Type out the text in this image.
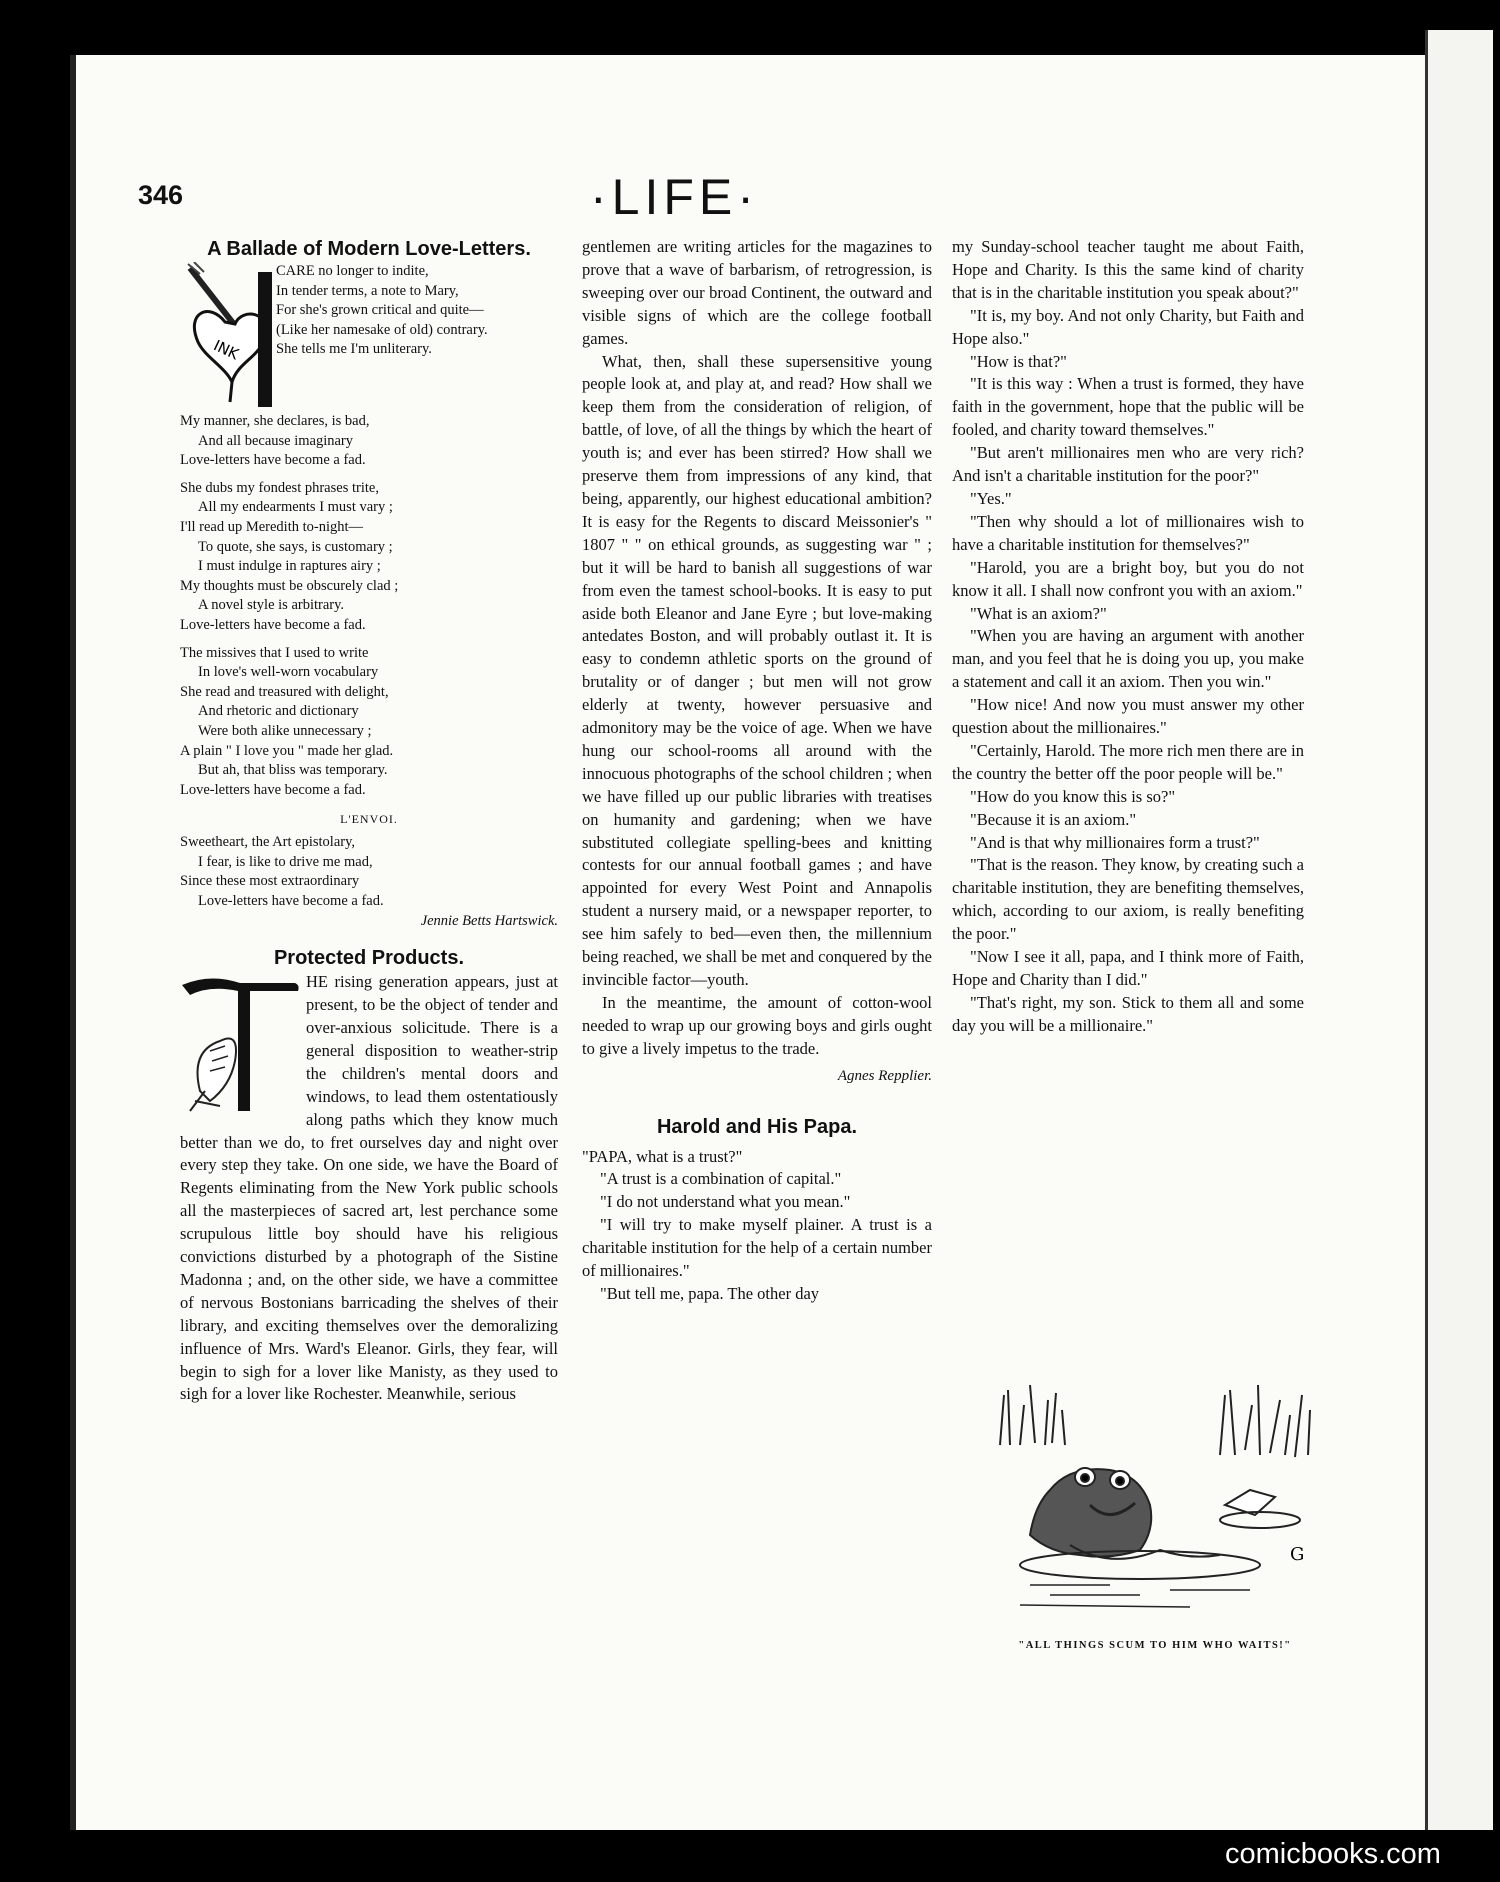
346	·LIFE·
A Ballade of Modern Love-Letters.
INK

CARE no longer to indite,

In tender terms, a note to Mary,

For she's grown critical and quite—

(Like her namesake of old) contrary.

She tells me I'm unliterary.

My manner, she declares, is bad,

And all because imaginary

Love-letters have become a fad.

She dubs my fondest phrases trite,

All my endearments I must vary ;

I'll read up Meredith to-night—

To quote, she says, is customary ;

I must indulge in raptures airy ;

My thoughts must be obscurely clad ;

A novel style is arbitrary.

Love-letters have become a fad.

The missives that I used to write

In love's well-worn vocabulary

She read and treasured with delight,

And rhetoric and dictionary

Were both alike unnecessary ;

A plain " I love you " made her glad.

But ah, that bliss was temporary.

Love-letters have become a fad.

L'ENVOI.

Sweetheart, the Art epistolary,

I fear, is like to drive me mad,

Since these most extraordinary

Love-letters have become a fad.

Jennie Betts Hartswick.

Protected Products.

HE rising generation appears, just at present, to be the object of tender and over-anxious solicitude. There is a general disposition to weather-strip the children's mental doors and windows, to lead them ostentatiously along paths which they know much better than we do, to fret ourselves day and night over every step they take. On one side, we have the Board of Regents eliminating from the New York public schools all the masterpieces of sacred art, lest perchance some scrupulous little boy should have his religious convictions disturbed by a photograph of the Sistine Madonna ; and, on the other side, we have a committee of nervous Bostonians barricading the shelves of their library, and exciting themselves over the demoralizing influence of Mrs. Ward's Eleanor. Girls, they fear, will begin to sigh for a lover like Manisty, as they used to sigh for a lover like Rochester. Meanwhile, serious

gentlemen are writing articles for the magazines to prove that a wave of barbarism, of retrogression, is sweeping over our broad Continent, the outward and visible signs of which are the college football games.

What, then, shall these supersensitive young people look at, and play at, and read? How shall we keep them from the consideration of religion, of battle, of love, of all the things by which the heart of youth is; and ever has been stirred? How shall we preserve them from impressions of any kind, that being, apparently, our highest educational ambition? It is easy for the Regents to discard Meissonier's " 1807 " " on ethical grounds, as suggesting war " ; but it will be hard to banish all suggestions of war from even the tamest school-books. It is easy to put aside both Eleanor and Jane Eyre ; but love-making antedates Boston, and will probably outlast it. It is easy to condemn athletic sports on the ground of brutality or of danger ; but men will not grow elderly at twenty, however persuasive and admonitory may be the voice of age. When we have hung our school-rooms all around with the innocuous photographs of the school children ; when we have filled up our public libraries with treatises on humanity and gardening; when we have substituted collegiate spelling-bees and knitting contests for our annual football games ; and have appointed for every West Point and Annapolis student a nursery maid, or a newspaper reporter, to see him safely to bed—even then, the millennium being reached, we shall be met and conquered by the invincible factor—youth.

In the meantime, the amount of cotton-wool needed to wrap up our growing boys and girls ought to give a lively impetus to the trade.

Agnes Repplier.

Harold and His Papa.

"PAPA, what is a trust?"

"A trust is a combination of capital."

"I do not understand what you mean."

"I will try to make myself plainer. A trust is a charitable institution for the help of a certain number of millionaires."

"But tell me, papa. The other day

my Sunday-school teacher taught me about Faith, Hope and Charity. Is this the same kind of charity that is in the charitable institution you speak about?"

"It is, my boy. And not only Charity, but Faith and Hope also."

"How is that?"

"It is this way : When a trust is formed, they have faith in the government, hope that the public will be fooled, and charity toward themselves."

"But aren't millionaires men who are very rich? And isn't a charitable institution for the poor?"

"Yes."

"Then why should a lot of millionaires wish to have a charitable institution for themselves?"

"Harold, you are a bright boy, but you do not know it all. I shall now confront you with an axiom."

"What is an axiom?"

"When you are having an argument with another man, and you feel that he is doing you up, you make a statement and call it an axiom. Then you win."

"How nice! And now you must answer my other question about the millionaires."

"Certainly, Harold. The more rich men there are in the country the better off the poor people will be."

"How do you know this is so?"

"Because it is an axiom."

"And is that why millionaires form a trust?"

"That is the reason. They know, by creating such a charitable institution, they are benefiting themselves, which, according to our axiom, is really benefiting the poor."

"Now I see it all, papa, and I think more of Faith, Hope and Charity than I did."

"That's right, my son. Stick to them all and some day you will be a millionaire."

G
"ALL THINGS SCUM TO HIM WHO WAITS!"
comicbooks.com
